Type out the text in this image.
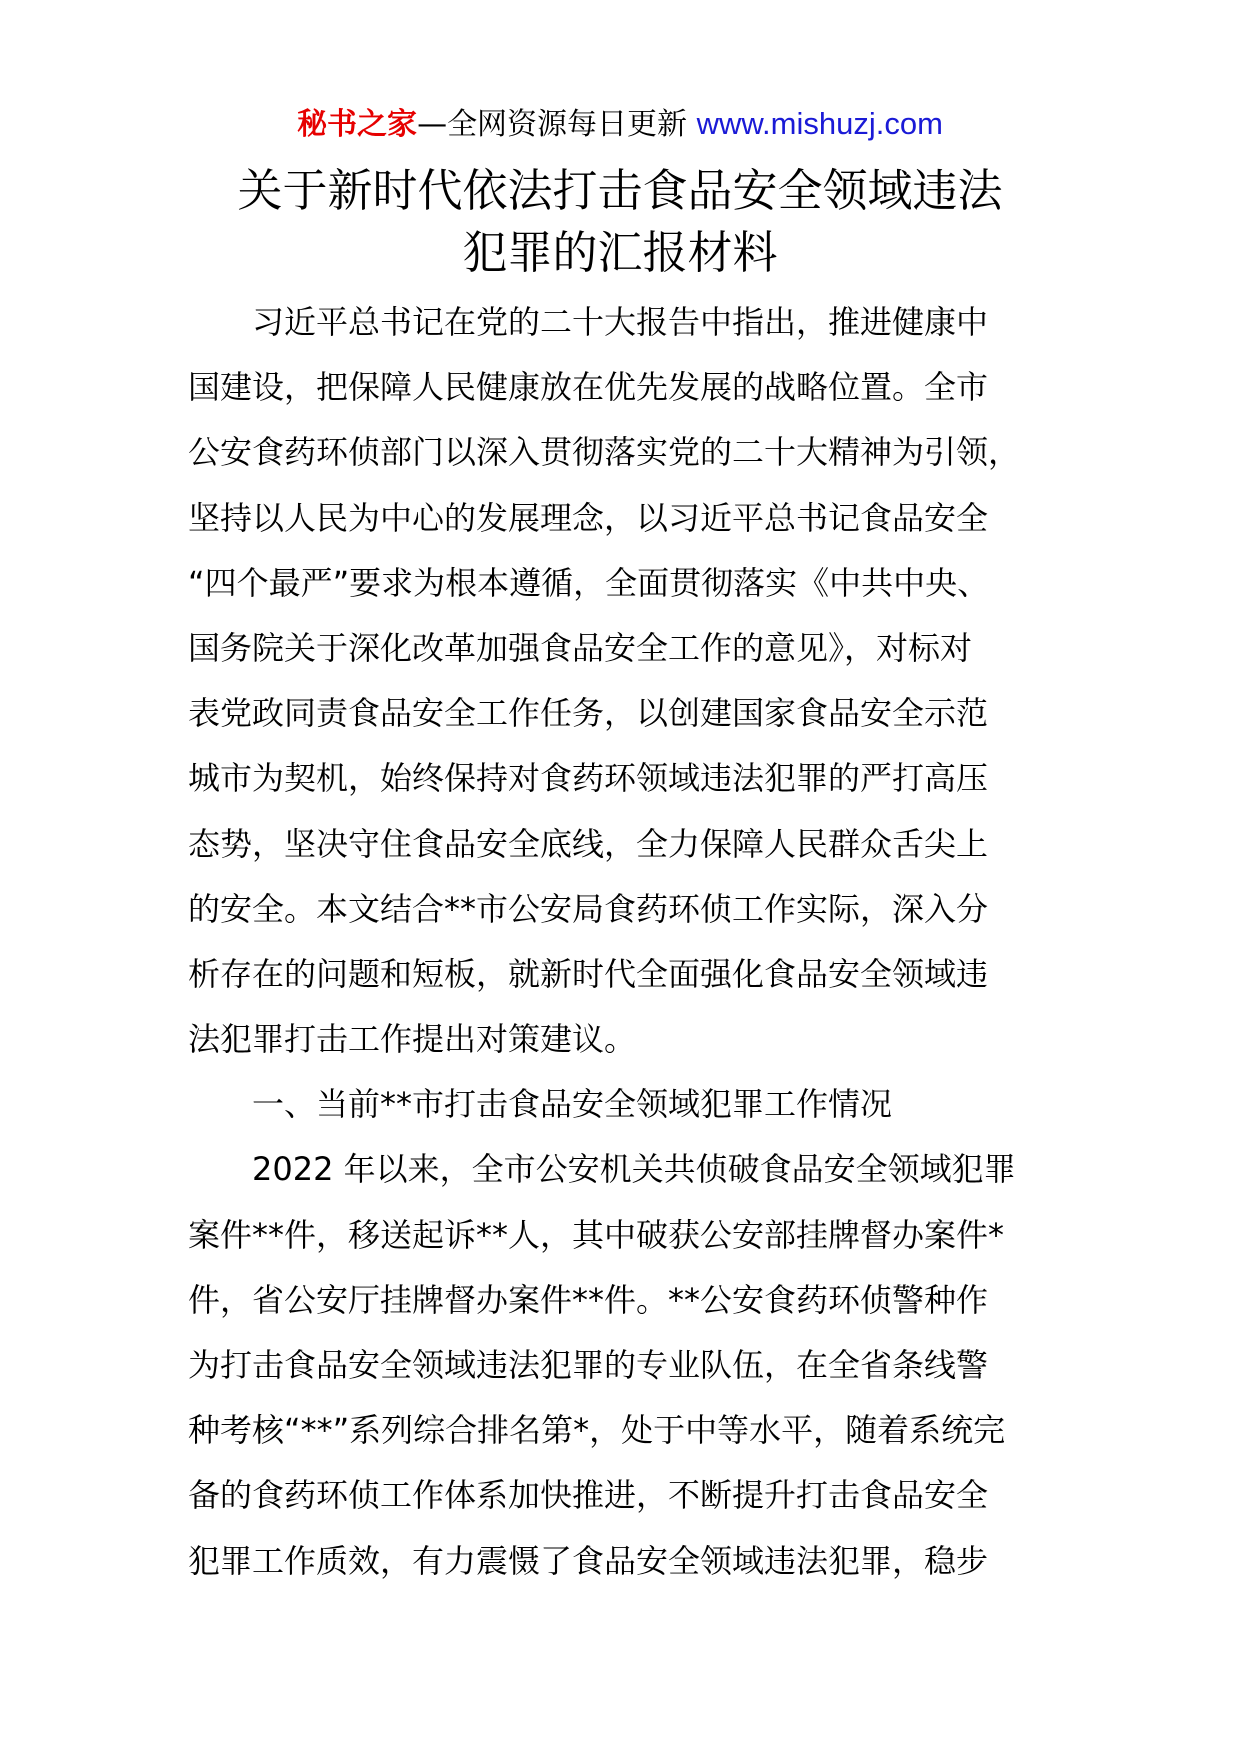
秘书之家—全网资源每日更新 www.mishuzj.com
关于新时代依法打击食品安全领域违法
犯罪的汇报材料
习近平总书记在党的二十大报告中指出，推进健康中
国建设，把保障人民健康放在优先发展的战略位置。全市
公安食药环侦部门以深入贯彻落实党的二十大精神为引领，
坚持以人民为中心的发展理念，以习近平总书记食品安全
“四个最严”要求为根本遵循，全面贯彻落实《中共中央、
国务院关于深化改革加强食品安全工作的意见》，对标对
表党政同责食品安全工作任务，以创建国家食品安全示范
城市为契机，始终保持对食药环领域违法犯罪的严打高压
态势，坚决守住食品安全底线，全力保障人民群众舌尖上
的安全。本文结合**市公安局食药环侦工作实际，深入分
析存在的问题和短板，就新时代全面强化食品安全领域违
法犯罪打击工作提出对策建议。
一、当前**市打击食品安全领域犯罪工作情况
2022 年以来，全市公安机关共侦破食品安全领域犯罪
案件**件，移送起诉**人，其中破获公安部挂牌督办案件*
件，省公安厅挂牌督办案件**件。**公安食药环侦警种作
为打击食品安全领域违法犯罪的专业队伍，在全省条线警
种考核“**”系列综合排名第*，处于中等水平，随着系统完
备的食药环侦工作体系加快推进，不断提升打击食品安全
犯罪工作质效，有力震慑了食品安全领域违法犯罪，稳步
